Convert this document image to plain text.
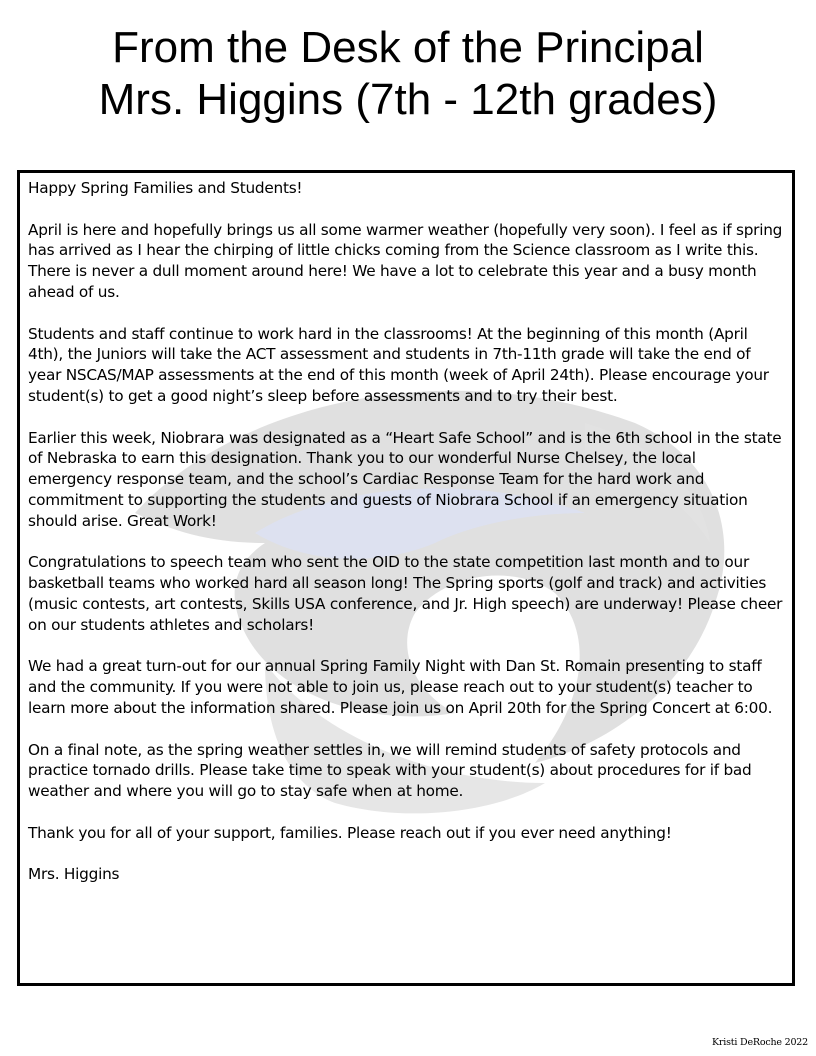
From the Desk of the Principal
Mrs. Higgins (7th - 12th grades)

Happy Spring Families and Students!

April is here and hopefully brings us all some warmer weather (hopefully very soon). I feel as if spring has arrived as I hear the chirping of little chicks coming from the Science classroom as I write this. There is never a dull moment around here! We have a lot to celebrate this year and a busy month ahead of us.

Students and staff continue to work hard in the classrooms! At the beginning of this month (April 4th), the Juniors will take the ACT assessment and students in 7th-11th grade will take the end of year NSCAS/MAP assessments at the end of this month (week of April 24th). Please encourage your student(s) to get a good night’s sleep before assessments and to try their best.

Earlier this week, Niobrara was designated as a “Heart Safe School” and is the 6th school in the state of Nebraska to earn this designation. Thank you to our wonderful Nurse Chelsey, the local emergency response team, and the school’s Cardiac Response Team for the hard work and commitment to supporting the students and guests of Niobrara School if an emergency situation should arise. Great Work!

Congratulations to speech team who sent the OID to the state competition last month and to our basketball teams who worked hard all season long! The Spring sports (golf and track) and activities (music contests, art contests, Skills USA conference, and Jr. High speech) are underway! Please cheer on our students athletes and scholars!

We had a great turn-out for our annual Spring Family Night with Dan St. Romain presenting to staff and the community. If you were not able to join us, please reach out to your student(s) teacher to learn more about the information shared. Please join us on April 20th for the Spring Concert at 6:00.

On a final note, as the spring weather settles in, we will remind students of safety protocols and practice tornado drills. Please take time to speak with your student(s) about procedures for if bad weather and where you will go to stay safe when at home.

Thank you for all of your support, families. Please reach out if you ever need anything!

Mrs. Higgins

Kristi DeRoche 2022
